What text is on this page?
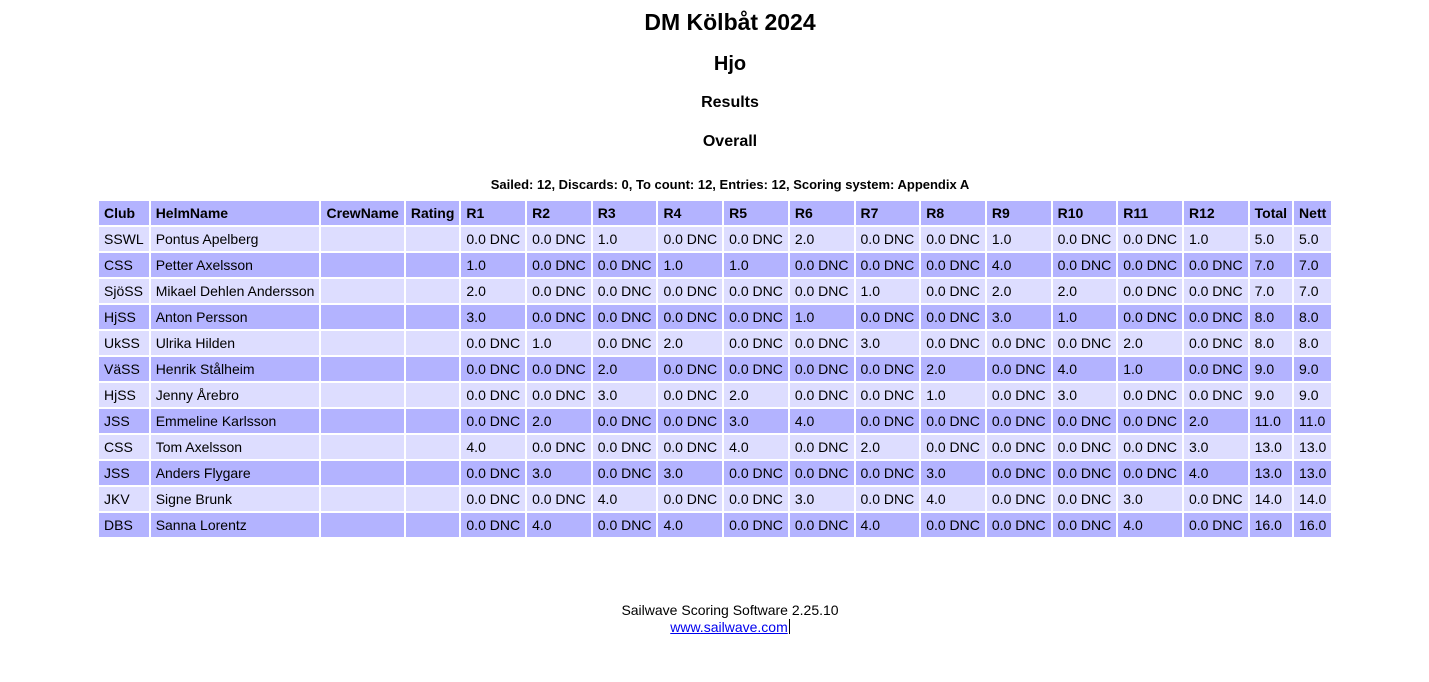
DM Kölbåt 2024
Hjo
Results
Overall
Sailed: 12, Discards: 0, To count: 12, Entries: 12, Scoring system: Appendix A
Club	HelmName	CrewName	Rating	R1	R2	R3	R4	R5	R6	R7	R8	R9	R10	R11	R12	Total	Nett
SSWL	Pontus Apelberg			0.0 DNC	0.0 DNC	1.0	0.0 DNC	0.0 DNC	2.0	0.0 DNC	0.0 DNC	1.0	0.0 DNC	0.0 DNC	1.0	5.0	5.0
CSS	Petter Axelsson			1.0	0.0 DNC	0.0 DNC	1.0	1.0	0.0 DNC	0.0 DNC	0.0 DNC	4.0	0.0 DNC	0.0 DNC	0.0 DNC	7.0	7.0
SjöSS	Mikael Dehlen Andersson			2.0	0.0 DNC	0.0 DNC	0.0 DNC	0.0 DNC	0.0 DNC	1.0	0.0 DNC	2.0	2.0	0.0 DNC	0.0 DNC	7.0	7.0
HjSS	Anton Persson			3.0	0.0 DNC	0.0 DNC	0.0 DNC	0.0 DNC	1.0	0.0 DNC	0.0 DNC	3.0	1.0	0.0 DNC	0.0 DNC	8.0	8.0
UkSS	Ulrika Hilden			0.0 DNC	1.0	0.0 DNC	2.0	0.0 DNC	0.0 DNC	3.0	0.0 DNC	0.0 DNC	0.0 DNC	2.0	0.0 DNC	8.0	8.0
VäSS	Henrik Stålheim			0.0 DNC	0.0 DNC	2.0	0.0 DNC	0.0 DNC	0.0 DNC	0.0 DNC	2.0	0.0 DNC	4.0	1.0	0.0 DNC	9.0	9.0
HjSS	Jenny Årebro			0.0 DNC	0.0 DNC	3.0	0.0 DNC	2.0	0.0 DNC	0.0 DNC	1.0	0.0 DNC	3.0	0.0 DNC	0.0 DNC	9.0	9.0
JSS	Emmeline Karlsson			0.0 DNC	2.0	0.0 DNC	0.0 DNC	3.0	4.0	0.0 DNC	0.0 DNC	0.0 DNC	0.0 DNC	0.0 DNC	2.0	11.0	11.0
CSS	Tom Axelsson			4.0	0.0 DNC	0.0 DNC	0.0 DNC	4.0	0.0 DNC	2.0	0.0 DNC	0.0 DNC	0.0 DNC	0.0 DNC	3.0	13.0	13.0
JSS	Anders Flygare			0.0 DNC	3.0	0.0 DNC	3.0	0.0 DNC	0.0 DNC	0.0 DNC	3.0	0.0 DNC	0.0 DNC	0.0 DNC	4.0	13.0	13.0
JKV	Signe Brunk			0.0 DNC	0.0 DNC	4.0	0.0 DNC	0.0 DNC	3.0	0.0 DNC	4.0	0.0 DNC	0.0 DNC	3.0	0.0 DNC	14.0	14.0
DBS	Sanna Lorentz			0.0 DNC	4.0	0.0 DNC	4.0	0.0 DNC	0.0 DNC	4.0	0.0 DNC	0.0 DNC	0.0 DNC	4.0	0.0 DNC	16.0	16.0
Sailwave Scoring Software 2.25.10
www.sailwave.com
